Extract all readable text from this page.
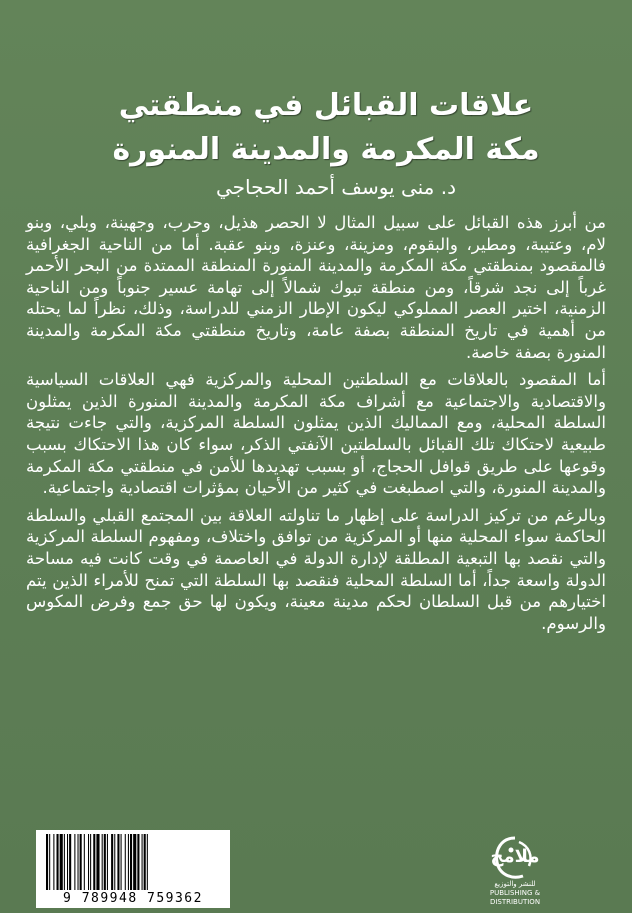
علاقات القبائل في منطقتي
مكة المكرمة والمدينة المنورة
د. منى يوسف أحمد الحجاجي

من أبرز هذه القبائل على سبيل المثال لا الحصر هذيل، وحرب، وجهينة، وبلي، وبنو لام، وعتيبة، ومطير، والبقوم، ومزينة، وعنزة، وبنو عقبة. أما من الناحية الجغرافية فالمقصود بمنطقتي مكة المكرمة والمدينة المنورة المنطقة الممتدة من البحر الأحمر غرباً إلى نجد شرقاً، ومن منطقة تبوك شمالاً إلى تهامة عسير جنوباً ومن الناحية الزمنية، اختير العصر المملوكي ليكون الإطار الزمني للدراسة، وذلك، نظراً لما يحتله من أهمية في تاريخ المنطقة بصفة عامة، وتاريخ منطقتي مكة المكرمة والمدينة المنورة بصفة خاصة.

أما المقصود بالعلاقات مع السلطتين المحلية والمركزية فهي العلاقات السياسية والاقتصادية والاجتماعية مع أشراف مكة المكرمة والمدينة المنورة الذين يمثلون السلطة المحلية، ومع المماليك الذين يمثلون السلطة المركزية، والتي جاءت نتيجة طبيعية لاحتكاك تلك القبائل بالسلطتين الآنفتي الذكر، سواء كان هذا الاحتكاك بسبب وقوعها على طريق قوافل الحجاج، أو بسبب تهديدها للأمن في منطقتي مكة المكرمة والمدينة المنورة، والتي اصطبغت في كثير من الأحيان بمؤثرات اقتصادية واجتماعية.

وبالرغم من تركيز الدراسة على إظهار ما تناولته العلاقة بين المجتمع القبلي والسلطة الحاكمة سواء المحلية منها أو المركزية من توافق واختلاف، ومفهوم السلطة المركزية والتي نقصد بها التبعية المطلقة لإدارة الدولة في العاصمة في وقت كانت فيه مساحة الدولة واسعة جداً، أما السلطة المحلية فنقصد بها السلطة التي تمنح للأمراء الذين يتم اختيارهم من قبل السلطان لحكم مدينة معينة، ويكون لها حق جمع وفرض المكوس والرسوم.

9 789948 759362
ملامح
للنشر والتوزيع PUBLISHING & DISTRIBUTION
